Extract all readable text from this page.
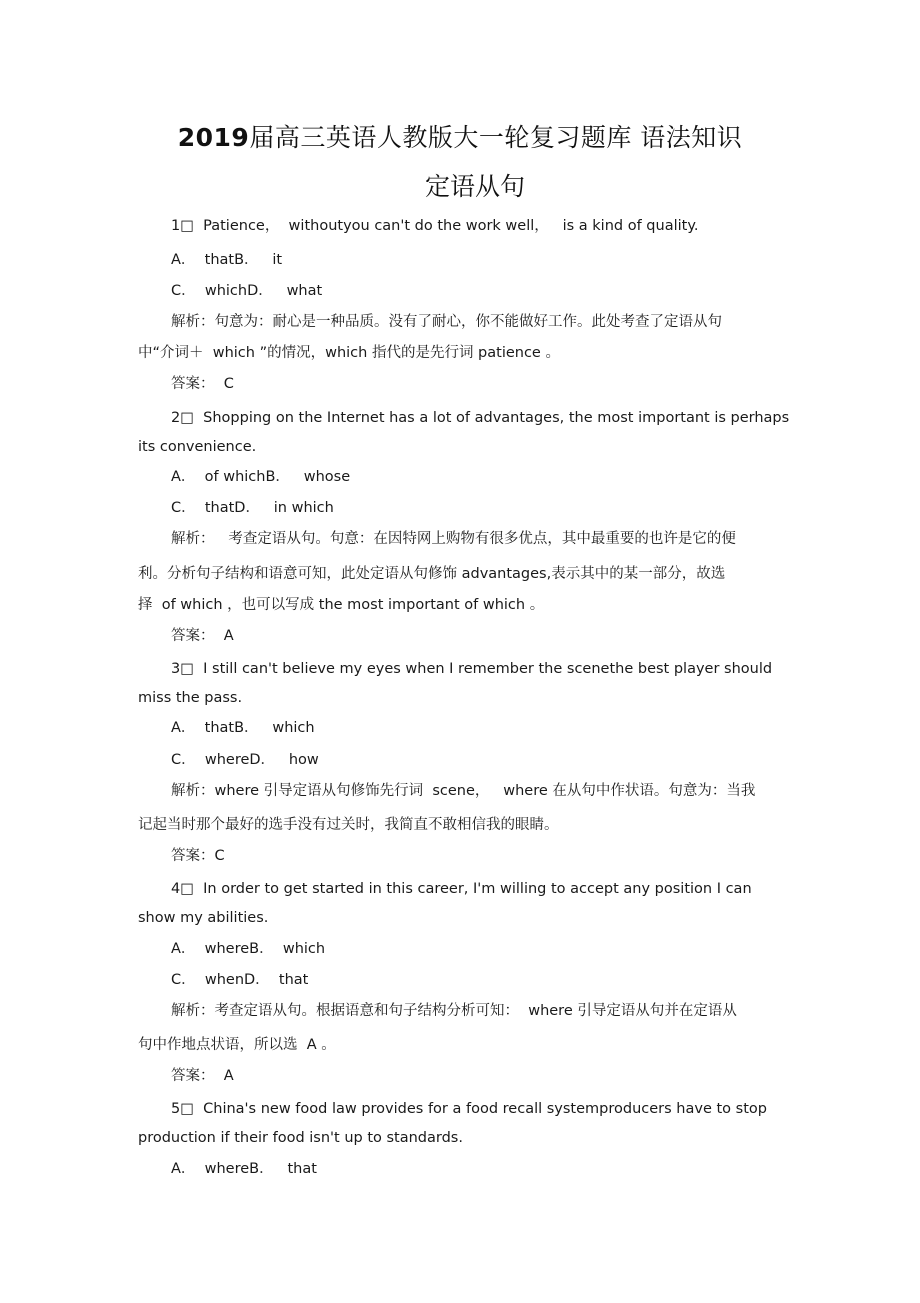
2019届高三英语人教版大一轮复习题库 语法知识
定语从句
1□  Patience，  withoutyou can't do the work well，   is a kind of quality.
A．  thatB．   it
C．  whichD．   what
解析：句意为：耐心是一种品质。没有了耐心，你不能做好工作。此处考查了定语从句
中“介词＋  which ”的情况，which 指代的是先行词 patience 。
答案：  C
2□  Shopping on the Internet has a lot of advantages, the most important is perhaps
its convenience.
A．  of whichB．   whose
C．  thatD．   in which
解析：   考查定语从句。句意：在因特网上购物有很多优点，其中最重要的也许是它的便
利。分析句子结构和语意可知，此处定语从句修饰 advantages,表示其中的某一部分，故选
择  of which ，也可以写成 the most important of which 。
答案：  A
3□  I still can't believe my eyes when I remember the scenethe best player should
miss the pass.
A．  thatB．   which
C．  whereD．   how
解析：where 引导定语从句修饰先行词  scene，   where 在从句中作状语。句意为：当我
记起当时那个最好的选手没有过关时，我简直不敢相信我的眼睛。
答案：C
4□  In order to get started in this career, I'm willing to accept any position I can
show my abilities.
A．  whereB．  which
C．  whenD．  that
解析：考查定语从句。根据语意和句子结构分析可知：  where 引导定语从句并在定语从
句中作地点状语，所以选  A 。
答案：  A
5□  China's new food law provides for a food recall systemproducers have to stop
production if their food isn't up to standards.
A．  whereB．   that
